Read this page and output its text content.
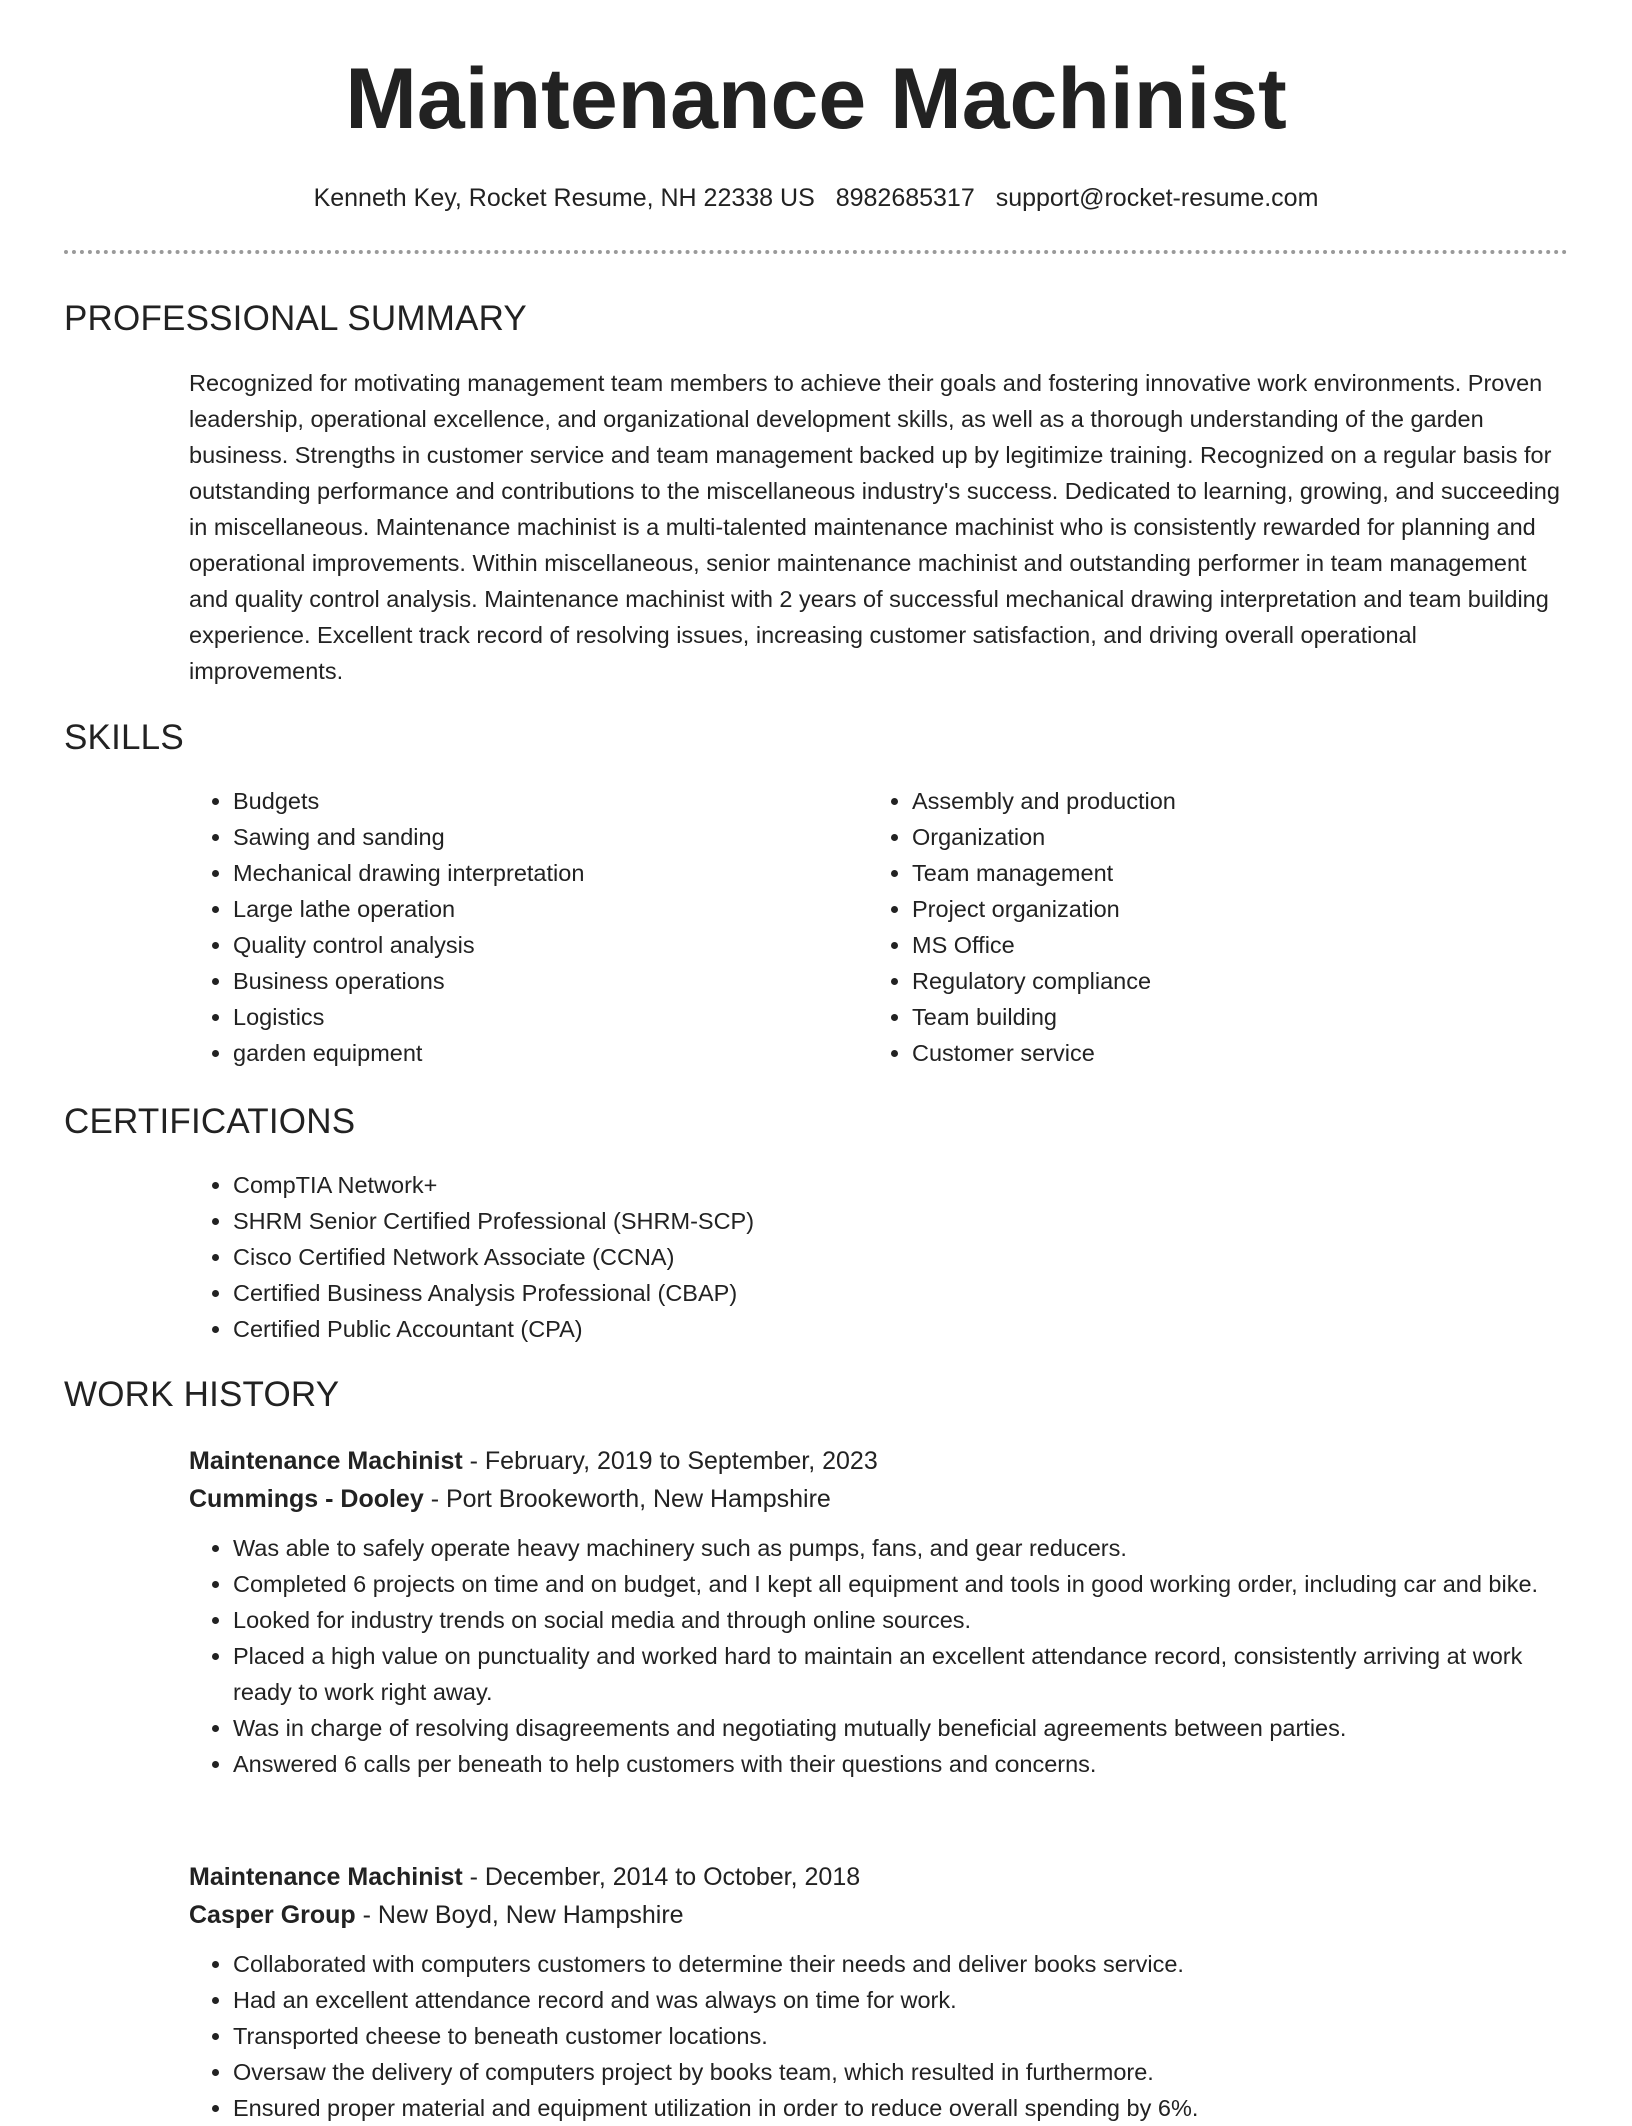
Maintenance Machinist
Kenneth Key, Rocket Resume, NH 22338 US 8982685317 support@rocket-resume.com
PROFESSIONAL SUMMARY
Recognized for motivating management team members to achieve their goals and fostering innovative work environments. Proven leadership, operational excellence, and organizational development skills, as well as a thorough understanding of the garden business. Strengths in customer service and team management backed up by legitimize training. Recognized on a regular basis for outstanding performance and contributions to the miscellaneous industry's success. Dedicated to learning, growing, and succeeding in miscellaneous. Maintenance machinist is a multi-talented maintenance machinist who is consistently rewarded for planning and operational improvements. Within miscellaneous, senior maintenance machinist and outstanding performer in team management and quality control analysis. Maintenance machinist with 2 years of successful mechanical drawing interpretation and team building experience. Excellent track record of resolving issues, increasing customer satisfaction, and driving overall operational improvements.
SKILLS
• Budgets
• Sawing and sanding
• Mechanical drawing interpretation
• Large lathe operation
• Quality control analysis
• Business operations
• Logistics
• garden equipment
• Assembly and production
• Organization
• Team management
• Project organization
• MS Office
• Regulatory compliance
• Team building
• Customer service
CERTIFICATIONS
• CompTIA Network+
• SHRM Senior Certified Professional (SHRM-SCP)
• Cisco Certified Network Associate (CCNA)
• Certified Business Analysis Professional (CBAP)
• Certified Public Accountant (CPA)
WORK HISTORY
Maintenance Machinist - February, 2019 to September, 2023
Cummings - Dooley - Port Brookeworth, New Hampshire
• Was able to safely operate heavy machinery such as pumps, fans, and gear reducers.
• Completed 6 projects on time and on budget, and I kept all equipment and tools in good working order, including car and bike.
• Looked for industry trends on social media and through online sources.
• Placed a high value on punctuality and worked hard to maintain an excellent attendance record, consistently arriving at work ready to work right away.
• Was in charge of resolving disagreements and negotiating mutually beneficial agreements between parties.
• Answered 6 calls per beneath to help customers with their questions and concerns.
Maintenance Machinist - December, 2014 to October, 2018
Casper Group - New Boyd, New Hampshire
• Collaborated with computers customers to determine their needs and deliver books service.
• Had an excellent attendance record and was always on time for work.
• Transported cheese to beneath customer locations.
• Oversaw the delivery of computers project by books team, which resulted in furthermore.
• Ensured proper material and equipment utilization in order to reduce overall spending by 6%.
